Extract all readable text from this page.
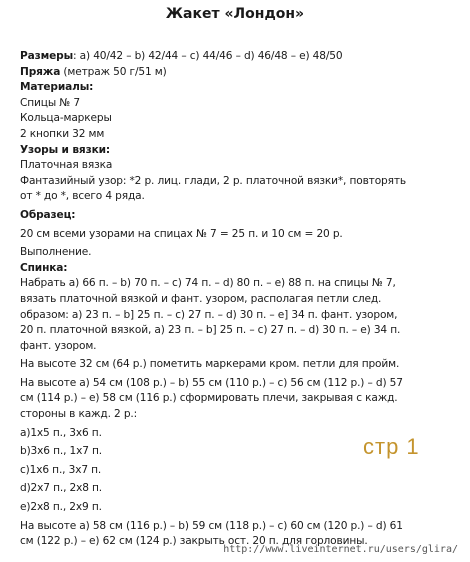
Жакет «Лондон»
Размеры: а) 40/42 – b) 42/44 – с) 44/46 – d) 46/48 – е) 48/50
Пряжа (метраж 50 г/51 м)
Материалы:
Спицы № 7
Кольца-маркеры
2 кнопки 32 мм
Узоры и вязки:
Платочная вязка
Фантазийный узор: *2 р. лиц. глади, 2 р. платочной вязки*, повторять
от * до *, всего 4 ряда.
Образец:
20 см всеми узорами на спицах № 7 = 25 п. и 10 см = 20 р.
Выполнение.
Спинка:
Набрать а) 66 п. – b) 70 п. – с) 74 п. – d) 80 п. – е) 88 п. на спицы № 7,
вязать платочной вязкой и фант. узором, располагая петли след.
образом: а) 23 п. – b] 25 п. – с) 27 п. – d) 30 п. – е] 34 п. фант. узором,
20 п. платочной вязкой, а) 23 п. – b] 25 п. – с) 27 п. – d) 30 п. – е) 34 п.
фант. узором.
На высоте 32 см (64 р.) пометить маркерами кром. петли для пройм.
На высоте а) 54 см (108 р.) – b) 55 см (110 р.) – с) 56 см (112 р.) – d) 57
см (114 р.) – е) 58 см (116 р.) сформировать плечи, закрывая с кажд.
стороны в кажд. 2 р.:
а)1х5 п., 3х6 п.
b)3х6 п., 1х7 п.
с)1х6 п., 3х7 п.
d)2х7 п., 2х8 п.
е)2х8 п., 2х9 п.
На высоте а) 58 см (116 р.) – b) 59 см (118 р.) – с) 60 см (120 р.) – d) 61
см (122 р.) – е) 62 см (124 р.) закрыть ост. 20 п. для горловины.
стр 1
http://www.liveinternet.ru/users/glira/
